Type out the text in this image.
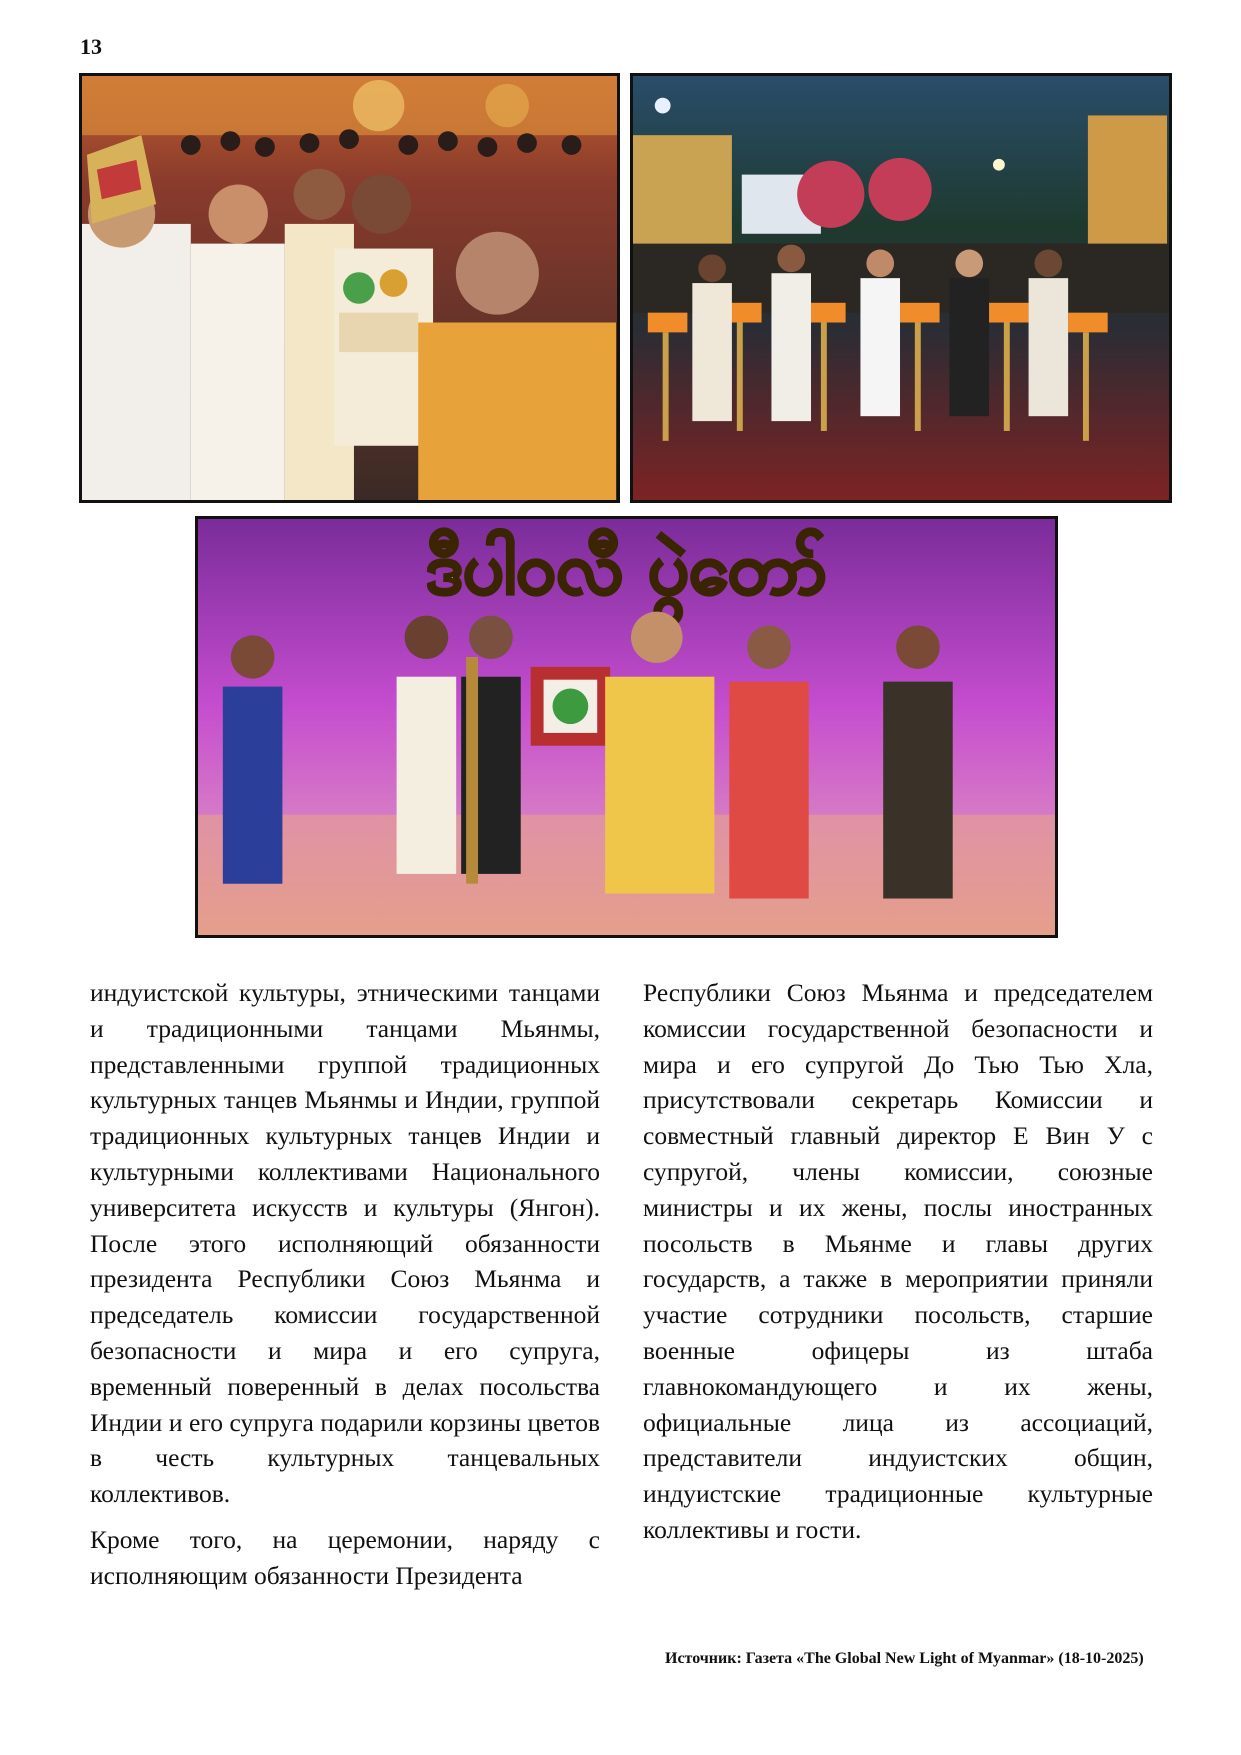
13
ဒီပါဝလီ ပွဲတော်

индуистской культуры, этническими танцами и традиционными танцами Мьянмы, представленными группой традиционных культурных танцев Мьянмы и Индии, группой традиционных культурных танцев Индии и культурными коллективами Национального университета искусств и культуры (Янгон). После этого исполняющий обязанности президента Республики Союз Мьянма и председатель комиссии государственной безопасности и мира и его супруга, временный поверенный в делах посольства Индии и его супруга подарили корзины цветов в честь культурных танцевальных коллективов.

Кроме того, на церемонии, наряду с исполняющим обязанности Президента

Республики Союз Мьянма и председателем комиссии государственной безопасности и мира и его супругой До Тью Тью Хла, присутствовали секретарь Комиссии и совместный главный директор Е Вин У с супругой, члены комиссии, союзные министры и их жены, послы иностранных посольств в Мьянме и главы других государств, а также в мероприятии приняли участие сотрудники посольств, старшие военные офицеры из штаба главнокомандующего и их жены, официальные лица из ассоциаций, представители индуистских общин, индуистские традиционные культурные коллективы и гости.

Источник: Газета «The Global New Light of Myanmar» (18-10-2025)
